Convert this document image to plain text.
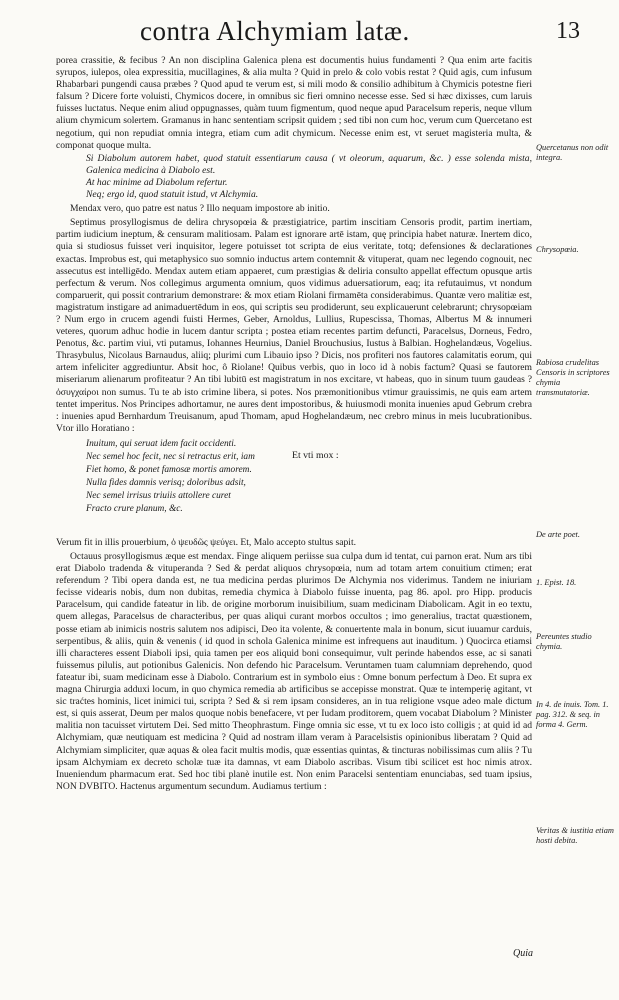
contra Alchymiam latæ.	13

porea crassitie, & fecibus ? An non disciplina Galenica plena est documentis huius fundamenti ? Qua enim arte facitis syrupos, iulepos, olea expressitia, mucillagines, & alia multa ? Quid in prelo & colo vobis restat ? Quid agis, cum infusum Rhabarbari pungendi causa præbes ? Quod apud te verum est, si mili modo & consilio adhibitum à Chymicis potestne fieri falsum ? Dicere forte voluisti, Chymicos docere, in omnibus sic fieri omnino necesse esse. Sed si hæc dixisses, cum laruis fuisses luctatus. Neque enim aliud oppugnasses, quàm tuum figmentum, quod neque apud Paracelsum reperis, neque vllum alium chymicum solertem. Gramanus in hanc sententiam scripsit quidem ; sed tibi non cum hoc, verum cum Quercetano est negotium, qui non repudiat omnia integra, etiam cum adit chymicum. Necesse enim est, vt seruet magisteria multa, & componat quoque multa.

Si Diabolum autorem habet, quod statuit essentiarum causa ( vt oleorum, aquarum, &c. ) esse solenda mista, Galenica medicina à Diabolo est.
At hac minime ad Diabolum refertur.
Neq; ergo id, quod statuit istud, vt Alchymia.

Mendax vero, quo patre est natus ? Illo nequam impostore ab initio.

Septimus prosyllogismus de delira chrysopœia & præstigiatrice, partim inscitiam Censoris prodit, partim inertiam, partim iudicium ineptum, & censuram malitiosam. Palam est ignorare artē istam, quę principia habet naturæ. Inertem dico, quia si studiosus fuisset veri inquisitor, legere potuisset tot scripta de eius veritate, totq; defensiones & declarationes exactas. Improbus est, qui metaphysico suo somnio inductus artem contemnit & vituperat, quam nec legendo cognouit, nec assecutus est intelligēdo. Mendax autem etiam appaeret, cum præstigias & deliria consulto appellat effectum opusque artis perfectum & verum. Nos collegimus argumenta omnium, quos vidimus aduersatiorum, eaq; ita refutauimus, vt nondum comparuerit, qui possit contrarium demonstrare: & mox etiam Riolani firmamēta considerabimus. Quantæ vero malitiæ est, magistratum instigare ad animaduertēdum in eos, qui scriptis seu prodiderunt, seu explicauerunt celebrarunt; chrysopœiam ? Num ergo in crucem agendi fuisti Hermes, Geber, Arnoldus, Lullius, Rupescissa, Thomas, Albertus M & innumeri veteres, quorum adhuc hodie in lucem dantur scripta ; postea etiam recentes partim defuncti, Paracelsus, Dorneus, Fedro, Penotus, &c. partim viui, vti putamus, Iohannes Heurnius, Daniel Brouchusius, Iustus à Balbian. Hoghelandæus, Vogelius. Thrasybulus, Nicolaus Barnaudus, aliiq; plurimi cum Libauio ipso ? Dicis, nos profiteri nos fautores calamitatis eorum, qui artem infeliciter aggrediuntur. Absit hoc, ô Riolane! Quibus verbis, quo in loco id à nobis factum? Quasi se fautorem miseriarum alienarum profiteatur ? An tibi lubitū est magistratum in nos excitare, vt habeas, quo in sinum tuum gaudeas ? ὀσυγχαίροι non sumus. Tu te ab isto crimine libera, si potes. Nos præmonitionibus vtimur grauissimis, ne quis eam artem tentet imperitus. Nos Principes adhortamur, ne aures dent impostoribus, & huiusmodi monita inuenies apud Gebrum crebra : inuenies apud Bernhardum Treuisanum, apud Thomam, apud Hoghelandæum, nec crebro minus in meis lucubrationibus. Vtor illo Horatiano :

Inuitum, qui seruat idem facit occidenti.
Nec semel hoc fecit, nec si retractus erit, iam
Fiet homo, & ponet famosæ mortis amorem.
Nulla fides damnis verisq; doloribus adsit,
Nec semel irrisus triuiis attollere curet
Fracto crure planum, &c.
Et vti mox :

Verum fit in illis prouerbium, ὁ ψευδῶς ψεύγει. Et, Malo accepto stultus sapit.

Octauus prosyllogismus æque est mendax. Finge aliquem periisse sua culpa dum id tentat, cui parnon erat. Num ars tibi erat Diabolo tradenda & vituperanda ? Sed & perdat aliquos chrysopœia, num ad totam artem conuitium ctimen; erat referendum ? Tibi opera danda est, ne tua medicina perdas plurimos De Alchymia nos viderimus. Tandem ne iniuriam fecisse videaris nobis, dum non dubitas, remedia chymica à Diabolo fuisse inuenta, pag 86. apol. pro Hipp. producis Paracelsum, qui candide fateatur in lib. de origine morborum inuisibilium, suam medicinam Diabolicam. Agit in eo textu, quem allegas, Paracelsus de characteribus, per quas aliqui curant morbos occultos ; imo generalius, tractat quæstionem, posse etiam ab inimicis nostris salutem nos adipisci, Deo ita volente, & conuertente mala in bonum, sicut iuuamur carduis, serpentibus, & aliis, quin & venenis ( id quod in schola Galenica minime est infrequens aut inauditum. ) Quocirca etiamsi illi characteres essent Diaboli ipsi, quia tamen per eos aliquid boni consequimur, vult perinde habendos esse, ac si sanati fuissemus pilulis, aut potionibus Galenicis. Non defendo hic Paracelsum. Veruntamen tuam calumniam deprehendo, quod fateatur ibi, suam medicinam esse à Diabolo. Contrarium est in symbolo eius : Omne bonum perfectum à Deo. Et supra ex magna Chirurgia adduxi locum, in quo chymica remedia ab artificibus se accepisse monstrat. Quæ te intemperię agitant, vt sic traćtes hominis, licet inimici tui, scripta ? Sed & si rem ipsam consideres, an in tua religione vsque adeo male dictum est, si quis asserat, Deum per malos quoque nobis benefacere, vt per Iudam proditorem, quem vocabat Diabolum ? Minister malitia non tacuisset virtutem Dei. Sed mitto Theophrastum. Finge omnia sic esse, vt tu ex loco isto colligis ; at quid id ad Alchymiam, quæ neutiquam est medicina ? Quid ad nostram illam veram à Paracelsistis opinionibus liberatam ? Quid ad Alchymiam simpliciter, quæ aquas & olea facit multis modis, quæ essentias quintas, & tincturas nobilissimas cum aliis ? Tu ipsam Alchymiam ex decreto scholæ tuæ ita damnas, vt eam Diabolo ascribas. Visum tibi scilicet est hoc nimis atrox. Inueniendum pharmacum erat. Sed hoc tibi planè inutile est. Non enim Paracelsi sententiam enunciabas, sed tuam ipsius, NON DVBITO. Hactenus argumentum secundum. Audiamus tertium :

Quercetanus non odit integra.
Chrysopœia.
Rabiosa crudelitas Censoris in scriptores chymia transmutatoriæ.
De arte poet.
1. Epist. 18.
Pereuntes studio chymia.
In 4. de inuis. Tom. 1. pag. 312. & seq. in forma 4. Germ.
Veritas & iustitia etiam hosti debita.
Quia
